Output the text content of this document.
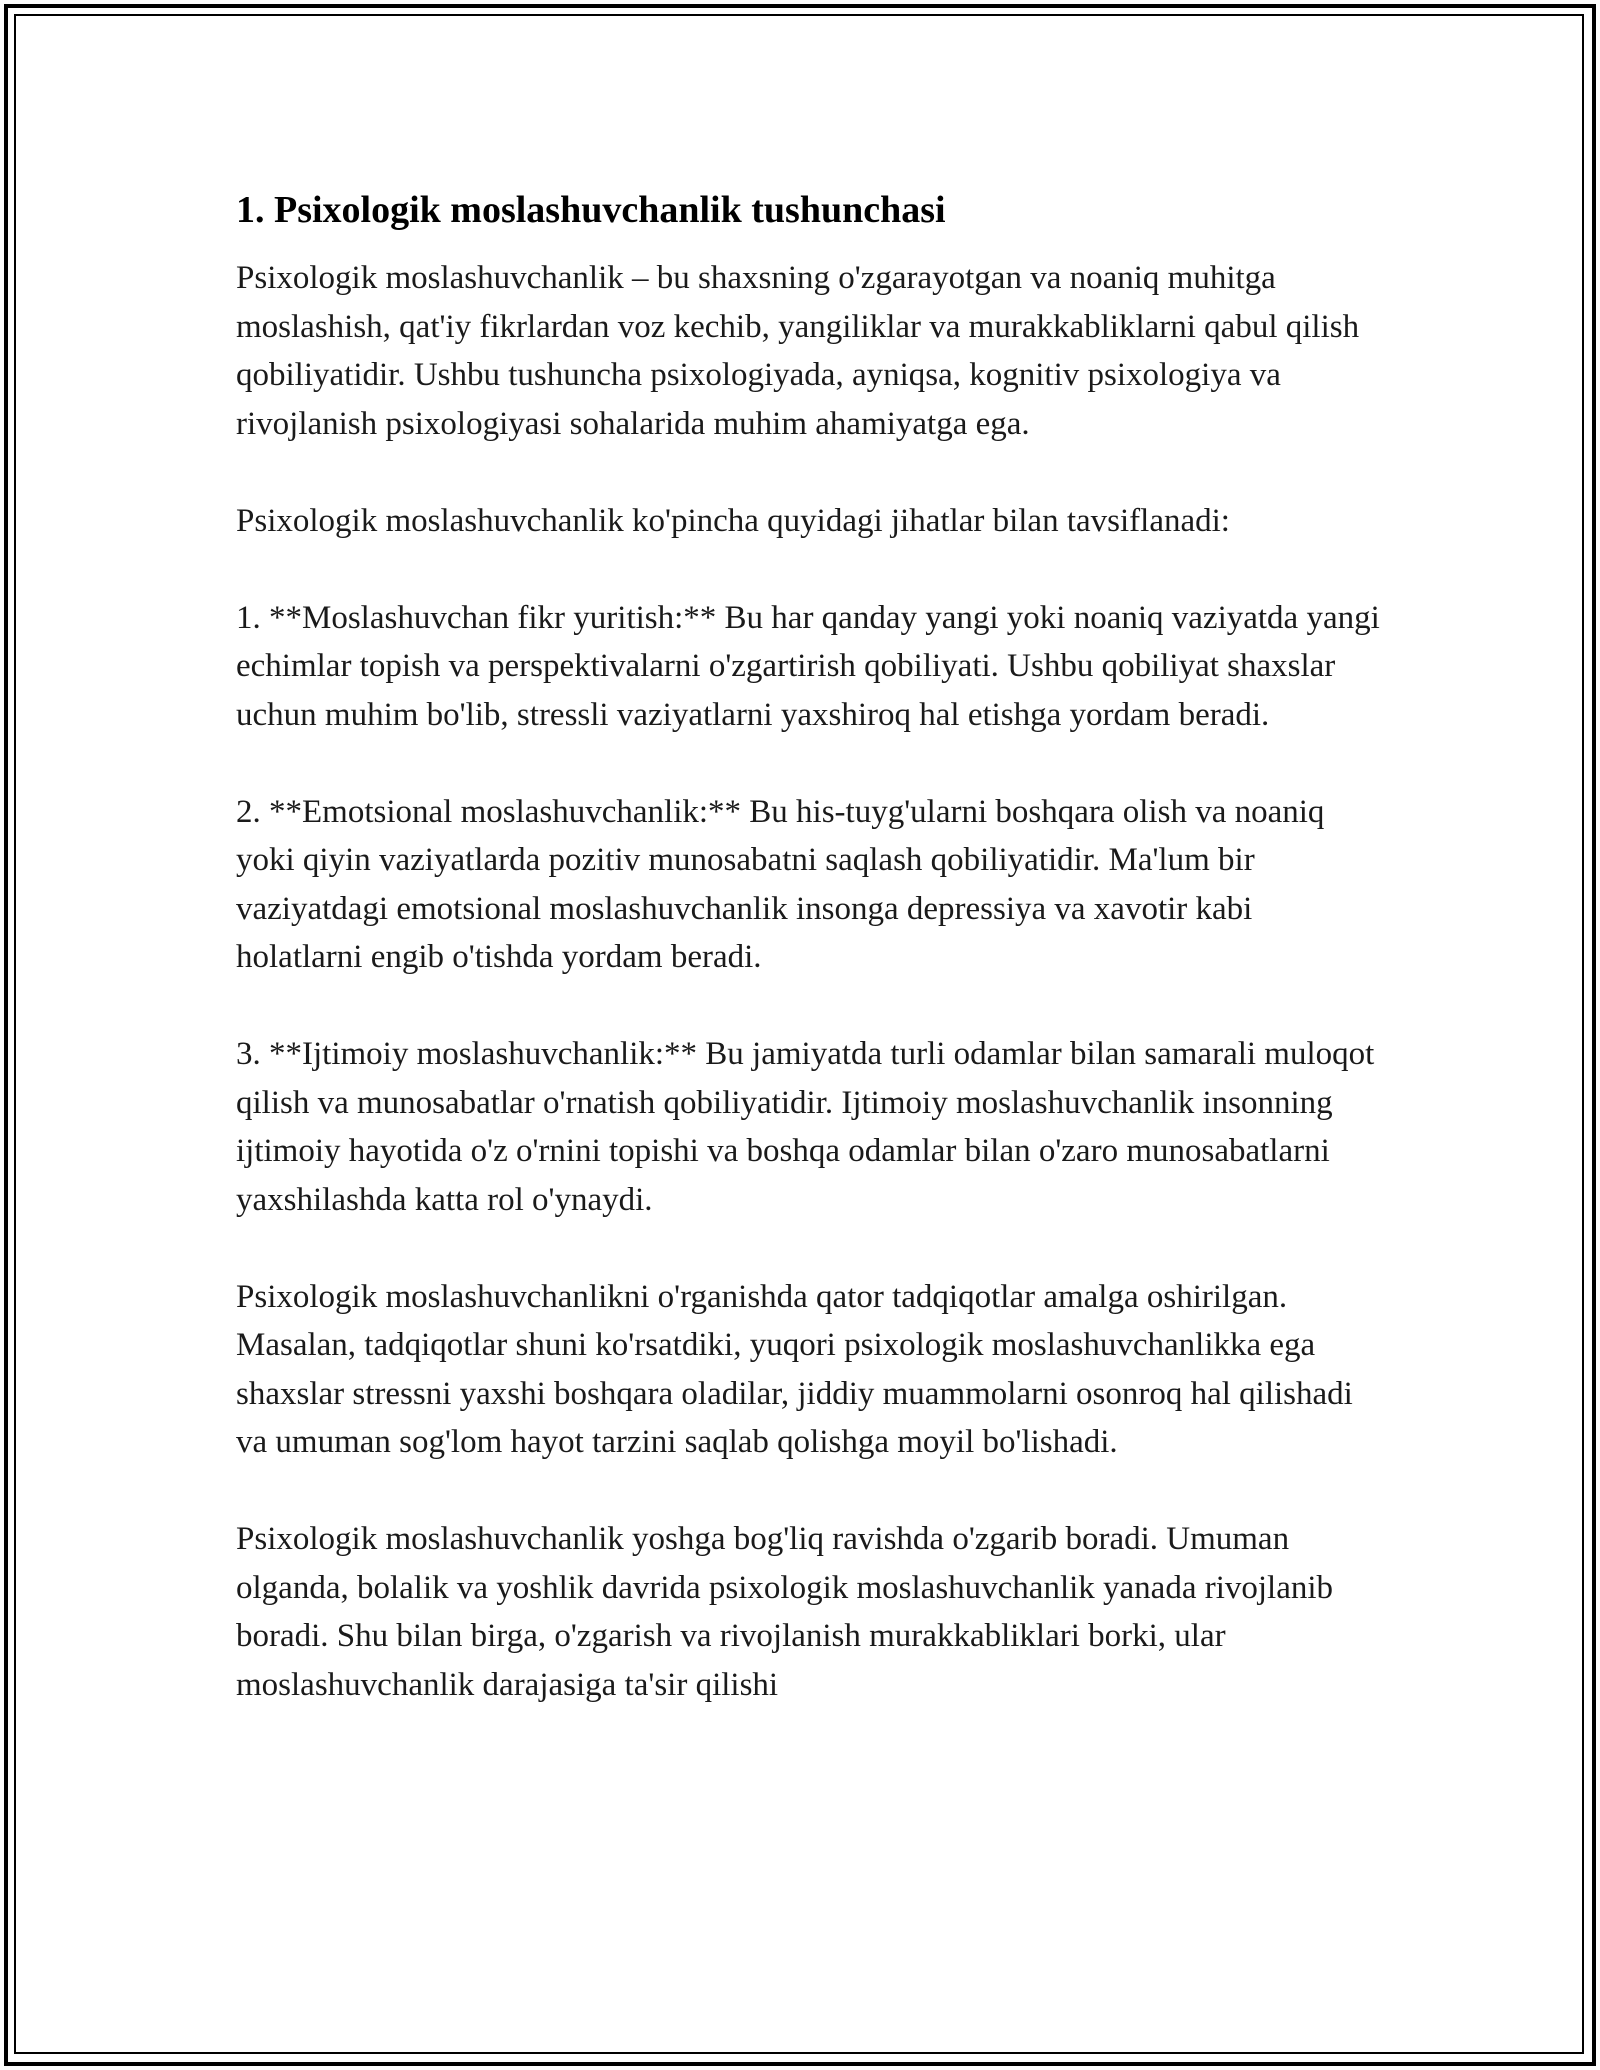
1. Psixologik moslashuvchanlik tushunchasi

Psixologik moslashuvchanlik – bu shaxsning o'zgarayotgan va noaniq muhitga moslashish, qat'iy fikrlardan voz kechib, yangiliklar va murakkabliklarni qabul qilish qobiliyatidir. Ushbu tushuncha psixologiyada, ayniqsa, kognitiv psixologiya va rivojlanish psixologiyasi sohalarida muhim ahamiyatga ega.

Psixologik moslashuvchanlik ko'pincha quyidagi jihatlar bilan tavsiflanadi:

1. **Moslashuvchan fikr yuritish:** Bu har qanday yangi yoki noaniq vaziyatda yangi echimlar topish va perspektivalarni o'zgartirish qobiliyati. Ushbu qobiliyat shaxslar uchun muhim bo'lib, stressli vaziyatlarni yaxshiroq hal etishga yordam beradi.

2. **Emotsional moslashuvchanlik:** Bu his-tuyg'ularni boshqara olish va noaniq yoki qiyin vaziyatlarda pozitiv munosabatni saqlash qobiliyatidir. Ma'lum bir vaziyatdagi emotsional moslashuvchanlik insonga depressiya va xavotir kabi holatlarni engib o'tishda yordam beradi.

3. **Ijtimoiy moslashuvchanlik:** Bu jamiyatda turli odamlar bilan samarali muloqot qilish va munosabatlar o'rnatish qobiliyatidir. Ijtimoiy moslashuvchanlik insonning ijtimoiy hayotida o'z o'rnini topishi va boshqa odamlar bilan o'zaro munosabatlarni yaxshilashda katta rol o'ynaydi.

Psixologik moslashuvchanlikni o'rganishda qator tadqiqotlar amalga oshirilgan. Masalan, tadqiqotlar shuni ko'rsatdiki, yuqori psixologik moslashuvchanlikka ega shaxslar stressni yaxshi boshqara oladilar, jiddiy muammolarni osonroq hal qilishadi va umuman sog'lom hayot tarzini saqlab qolishga moyil bo'lishadi.

Psixologik moslashuvchanlik yoshga bog'liq ravishda o'zgarib boradi. Umuman olganda, bolalik va yoshlik davrida psixologik moslashuvchanlik yanada rivojlanib boradi. Shu bilan birga, o'zgarish va rivojlanish murakkabliklari borki, ular moslashuvchanlik darajasiga ta'sir qilishi
